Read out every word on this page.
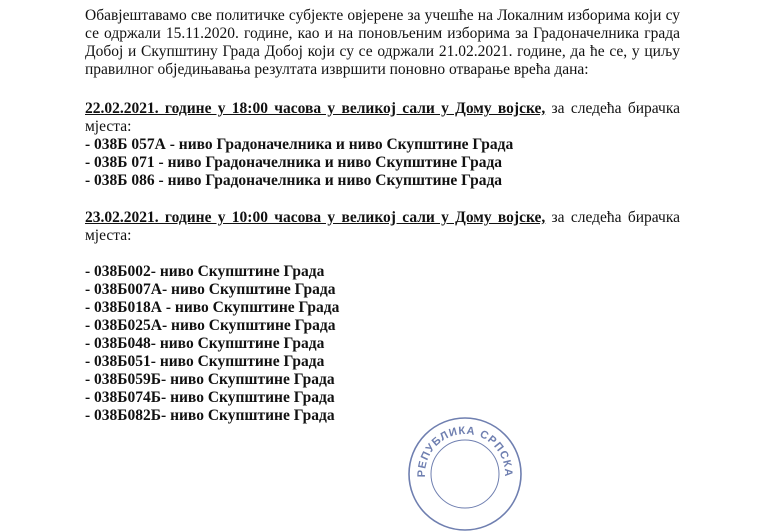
Обавјештавамо све политичке субјекте овјерене за учешће на Локалним изборима који су се одржали 15.11.2020. године, као и на поновљеним изборима за Градоначелника града Добој и Скупштину Града Добој који су се одржали 21.02.2021. године, да ће се, у циљу правилног обједињавања резултата извршити поновно отварање врећа дана:

22.02.2021. године у 18:00 часова у великој сали у Дому војске, за следећа бирачка мјеста:

- 038Б 057А - ниво Градоначелника и ниво Скупштине Града
- 038Б 071 - ниво Градоначелника и ниво Скупштине Града
- 038Б 086 - ниво Градоначелника и ниво Скупштине Града

23.02.2021. године у 10:00 часова у великој сали у Дому војске, за следећа бирачка мјеста:

- 038Б002- ниво Скупштине Града
- 038Б007А- ниво Скупштине Града
- 038Б018А - ниво Скупштине Града
- 038Б025А- ниво Скупштине Града
- 038Б048- ниво Скупштине Града
- 038Б051- ниво Скупштине Града
- 038Б059Б- ниво Скупштине Града
- 038Б074Б- ниво Скупштине Града
- 038Б082Б- ниво Скупштине Града
РЕПУБЛИКА СРПСКА
